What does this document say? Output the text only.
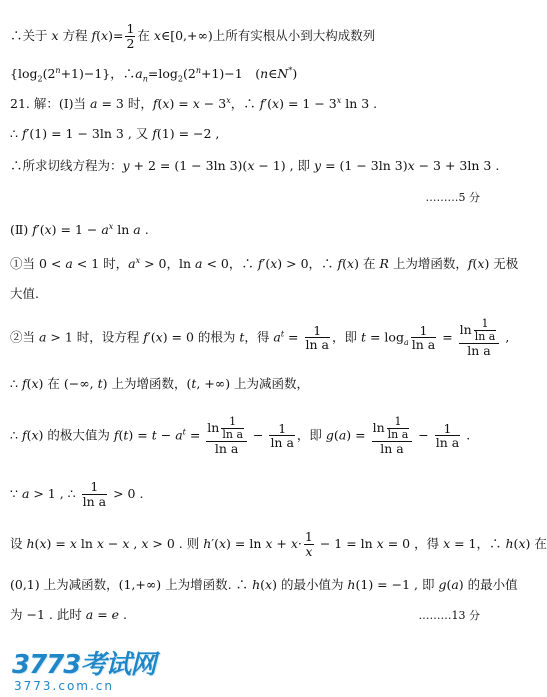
∴关于 x 方程 $f(x)= \frac{1}{2}$ 在 x∈[0,+∞)上所有实根从小到大构成数列
$\{\log_2(2^n+1)-1\}$，$\therefore a_n=\log_2(2^n+1)-1$　(n∈N*)
21. 解：(Ⅰ)当 a = 3 时，$f(x) = x - 3^x$，∴ $f'(x) = 1 - 3^x$ ln 3 .
∴ f′(1) = 1 − 3ln 3 , 又 f(1) = −2 ,
∴所求切线方程为：y + 2 = (1 − 3ln 3)(x − 1) , 即 y = (1 − 3ln 3)x − 3 + 3ln 3 .
………5 分
(Ⅱ) $f'(x) = 1 - a^x$ ln a .
①当 0 < a < 1 时，$a^x > 0$，ln a < 0，∴ f′(x) > 0，∴ f(x) 在 R 上为增函数，f(x) 无极
大值.
②当 a > 1 时，设方程 f′(x) = 0 的根为 t，得 $a^t = \frac{1}{\text{ln a}}$ ，即 $t = \log_a \frac{1}{\text{ln a}} = \frac{\ln \frac{1}{\text{ln a}}}{\text{ln a}}$ ,
∴ f(x) 在 (−∞, t) 上为增函数，(t, +∞) 上为减函数，
∴ f(x) 的极大值为 $f(t) = t - a^t = \frac{\ln \frac{1}{\text{ln a}}}{\text{ln a}} - \frac{1}{\text{ln a}}$ ，即 $g(a) = \frac{\ln \frac{1}{\text{ln a}}}{\text{ln a}} - \frac{1}{\text{ln a}}$ .
∵ a > 1 , ∴ $\frac{1}{\text{ln a}} > 0$ .
设 h(x) = x ln x − x , x > 0 . 则 $h'(x) = \ln x + x\cdot \frac{1}{x} - 1 = \ln x = 0$ ，得 x = 1，∴ h(x) 在
(0,1) 上为减函数，(1,+∞) 上为增函数. ∴ h(x) 的最小值为 h(1) = −1 , 即 g(a) 的最小值
为 −1 . 此时 a = e .	………13 分
3773考试网
3773.com.cn
